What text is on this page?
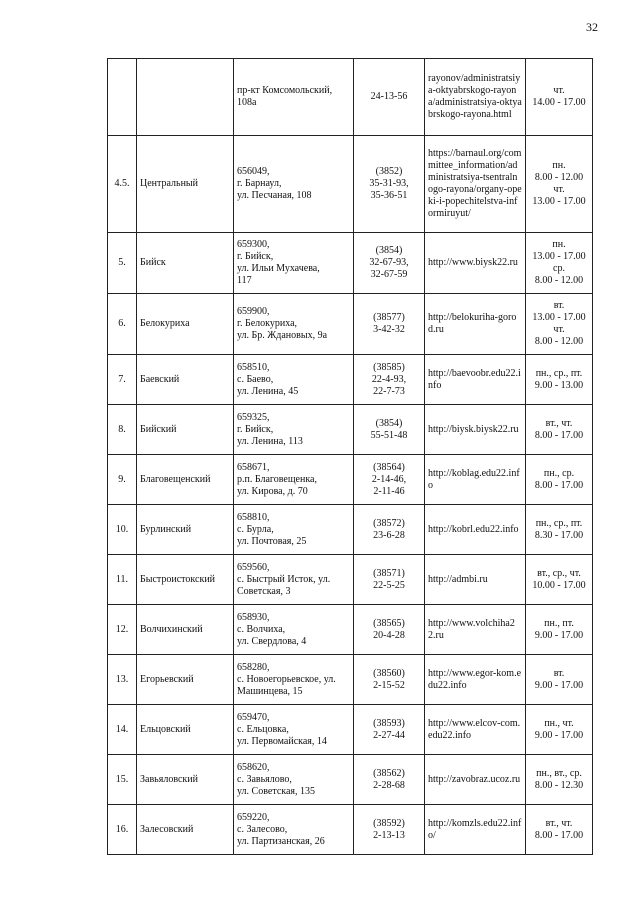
32
		пр-кт Комсомольский,
108а	24-13-56	rayonov/administratsiya-oktyabrskogo-rayona/administratsiya-oktyabrskogo-rayona.html	чт.
14.00 - 17.00
4.5.	Центральный	656049,
г. Барнаул,
ул. Песчаная, 108	(3852)
35-31-93,
35-36-51	https://barnaul.org/committee_information/administratsiya-tsentralnogo-rayona/organy-opeki-i-popechitelstva-informiruyut/	пн.
8.00 - 12.00
чт.
13.00 - 17.00
5.	Бийск	659300,
г. Бийск,
ул. Ильи Мухачева,
117	(3854)
32-67-93,
32-67-59	http://www.biysk22.ru	пн.
13.00 - 17.00
ср.
8.00 - 12.00
6.	Белокуриха	659900,
г. Белокуриха,
ул. Бр. Ждановых, 9а	(38577)
3-42-32	http://belokuriha-gorod.ru	вт.
13.00 - 17.00
чт.
8.00 - 12.00
7.	Баевский	658510,
с. Баево,
ул. Ленина, 45	(38585)
22-4-93,
22-7-73	http://baevoobr.edu22.info	пн., ср., пт.
9.00 - 13.00
8.	Бийский	659325,
г. Бийск,
ул. Ленина, 113	(3854)
55-51-48	http://biysk.biysk22.ru	вт., чт.
8.00 - 17.00
9.	Благовещенский	658671,
р.п. Благовещенка,
ул. Кирова, д. 70	(38564)
2-14-46,
2-11-46	http://koblag.edu22.info	пн., ср.
8.00 - 17.00
10.	Бурлинский	658810,
с. Бурла,
ул. Почтовая, 25	(38572)
23-6-28	http://kobrl.edu22.info	пн., ср., пт.
8.30 - 17.00
11.	Быстроистокский	659560,
с. Быстрый Исток, ул.
Советская, 3	(38571)
22-5-25	http://admbi.ru	вт., ср., чт.
10.00 - 17.00
12.	Волчихинский	658930,
с. Волчиха,
ул. Свердлова, 4	(38565)
20-4-28	http://www.volchiha22.ru	пн., пт.
9.00 - 17.00
13.	Егорьевский	658280,
с. Новоегорьевское, ул.
Машинцева, 15	(38560)
2-15-52	http://www.egor-kom.edu22.info	вт.
9.00 - 17.00
14.	Ельцовский	659470,
с. Ельцовка,
ул. Первомайская, 14	(38593)
2-27-44	http://www.elcov-com.edu22.info	пн., чт.
9.00 - 17.00
15.	Завьяловский	658620,
с. Завьялово,
ул. Советская, 135	(38562)
2-28-68	http://zavobraz.ucoz.ru	пн., вт., ср.
8.00 - 12.30
16.	Залесовский	659220,
с. Залесово,
ул. Партизанская, 26	(38592)
2-13-13	http://komzls.edu22.info/	вт., чт.
8.00 - 17.00
